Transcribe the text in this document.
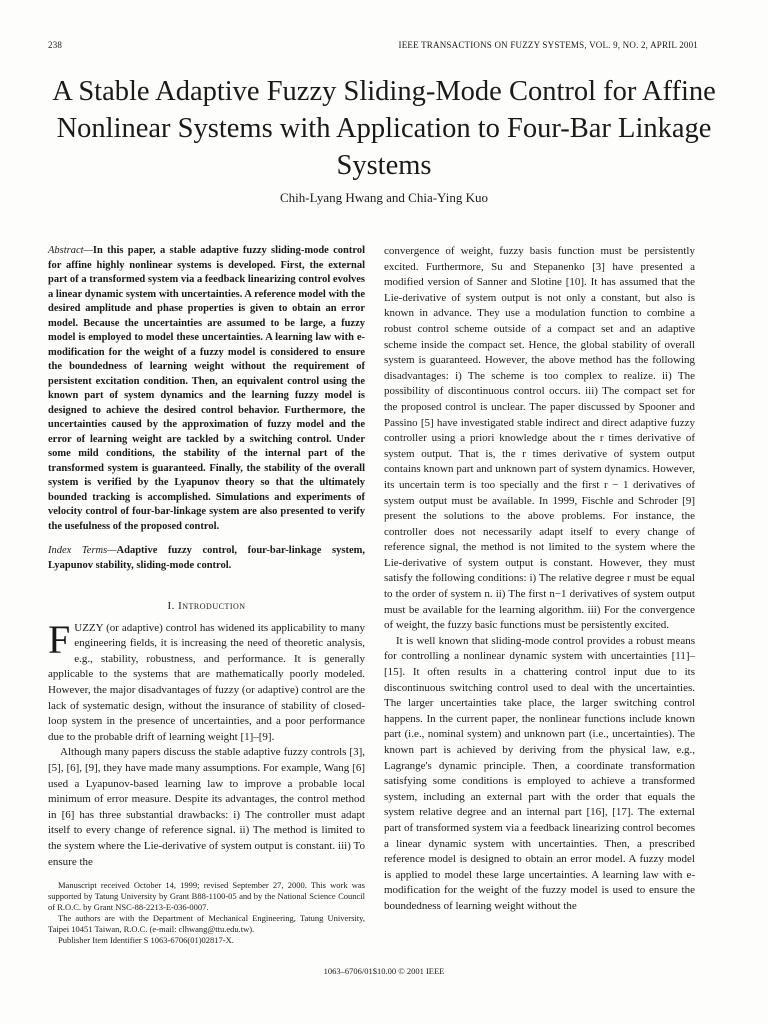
238	IEEE TRANSACTIONS ON FUZZY SYSTEMS, VOL. 9, NO. 2, APRIL 2001
A Stable Adaptive Fuzzy Sliding-Mode Control for Affine Nonlinear Systems with Application to Four-Bar Linkage Systems
Chih-Lyang Hwang and Chia-Ying Kuo

Abstract—In this paper, a stable adaptive fuzzy sliding-mode control for affine highly nonlinear systems is developed. First, the external part of a transformed system via a feedback linearizing control evolves a linear dynamic system with uncertainties. A reference model with the desired amplitude and phase properties is given to obtain an error model. Because the uncertainties are assumed to be large, a fuzzy model is employed to model these uncertainties. A learning law with e-modification for the weight of a fuzzy model is considered to ensure the boundedness of learning weight without the requirement of persistent excitation condition. Then, an equivalent control using the known part of system dynamics and the learning fuzzy model is designed to achieve the desired control behavior. Furthermore, the uncertainties caused by the approximation of fuzzy model and the error of learning weight are tackled by a switching control. Under some mild conditions, the stability of the internal part of the transformed system is guaranteed. Finally, the stability of the overall system is verified by the Lyapunov theory so that the ultimately bounded tracking is accomplished. Simulations and experiments of velocity control of four-bar-linkage system are also presented to verify the usefulness of the proposed control.

Index Terms—Adaptive fuzzy control, four-bar-linkage system, Lyapunov stability, sliding-mode control.

I. Introduction

FUZZY (or adaptive) control has widened its applicability to many engineering fields, it is increasing the need of theoretic analysis, e.g., stability, robustness, and performance. It is generally applicable to the systems that are mathematically poorly modeled. However, the major disadvantages of fuzzy (or adaptive) control are the lack of systematic design, without the insurance of stability of closed-loop system in the presence of uncertainties, and a poor performance due to the probable drift of learning weight [1]–[9].

Although many papers discuss the stable adaptive fuzzy controls [3], [5], [6], [9], they have made many assumptions. For example, Wang [6] used a Lyapunov-based learning law to improve a probable local minimum of error measure. Despite its advantages, the control method in [6] has three substantial drawbacks: i) The controller must adapt itself to every change of reference signal. ii) The method is limited to the system where the Lie-derivative of system output is constant. iii) To ensure the

convergence of weight, fuzzy basis function must be persistently excited. Furthermore, Su and Stepanenko [3] have presented a modified version of Sanner and Slotine [10]. It has assumed that the Lie-derivative of system output is not only a constant, but also is known in advance. They use a modulation function to combine a robust control scheme outside of a compact set and an adaptive scheme inside the compact set. Hence, the global stability of overall system is guaranteed. However, the above method has the following disadvantages: i) The scheme is too complex to realize. ii) The possibility of discontinuous control occurs. iii) The compact set for the proposed control is unclear. The paper discussed by Spooner and Passino [5] have investigated stable indirect and direct adaptive fuzzy controller using a priori knowledge about the r times derivative of system output. That is, the r times derivative of system output contains known part and unknown part of system dynamics. However, its uncertain term is too specially and the first r − 1 derivatives of system output must be available. In 1999, Fischle and Schroder [9] present the solutions to the above problems. For instance, the controller does not necessarily adapt itself to every change of reference signal, the method is not limited to the system where the Lie-derivative of system output is constant. However, they must satisfy the following conditions: i) The relative degree r must be equal to the order of system n. ii) The first n−1 derivatives of system output must be available for the learning algorithm. iii) For the convergence of weight, the fuzzy basic functions must be persistently excited.

It is well known that sliding-mode control provides a robust means for controlling a nonlinear dynamic system with uncertainties [11]–[15]. It often results in a chattering control input due to its discontinuous switching control used to deal with the uncertainties. The larger uncertainties take place, the larger switching control happens. In the current paper, the nonlinear functions include known part (i.e., nominal system) and unknown part (i.e., uncertainties). The known part is achieved by deriving from the physical law, e.g., Lagrange's dynamic principle. Then, a coordinate transformation satisfying some conditions is employed to achieve a transformed system, including an external part with the order that equals the system relative degree and an internal part [16], [17]. The external part of transformed system via a feedback linearizing control becomes a linear dynamic system with uncertainties. Then, a prescribed reference model is designed to obtain an error model. A fuzzy model is applied to model these large uncertainties. A learning law with e-modification for the weight of the fuzzy model is used to ensure the boundedness of learning weight without the

Manuscript received October 14, 1999; revised September 27, 2000. This work was supported by Tatung University by Grant B88-1100-05 and by the National Science Council of R.O.C. by Grant NSC-88-2213-E-036-0007.

The authors are with the Department of Mechanical Engineering, Tatung University, Taipei 10451 Taiwan, R.O.C. (e-mail: clhwang@ttu.edu.tw).

Publisher Item Identifier S 1063-6706(01)02817-X.

1063–6706/01$10.00 © 2001 IEEE
